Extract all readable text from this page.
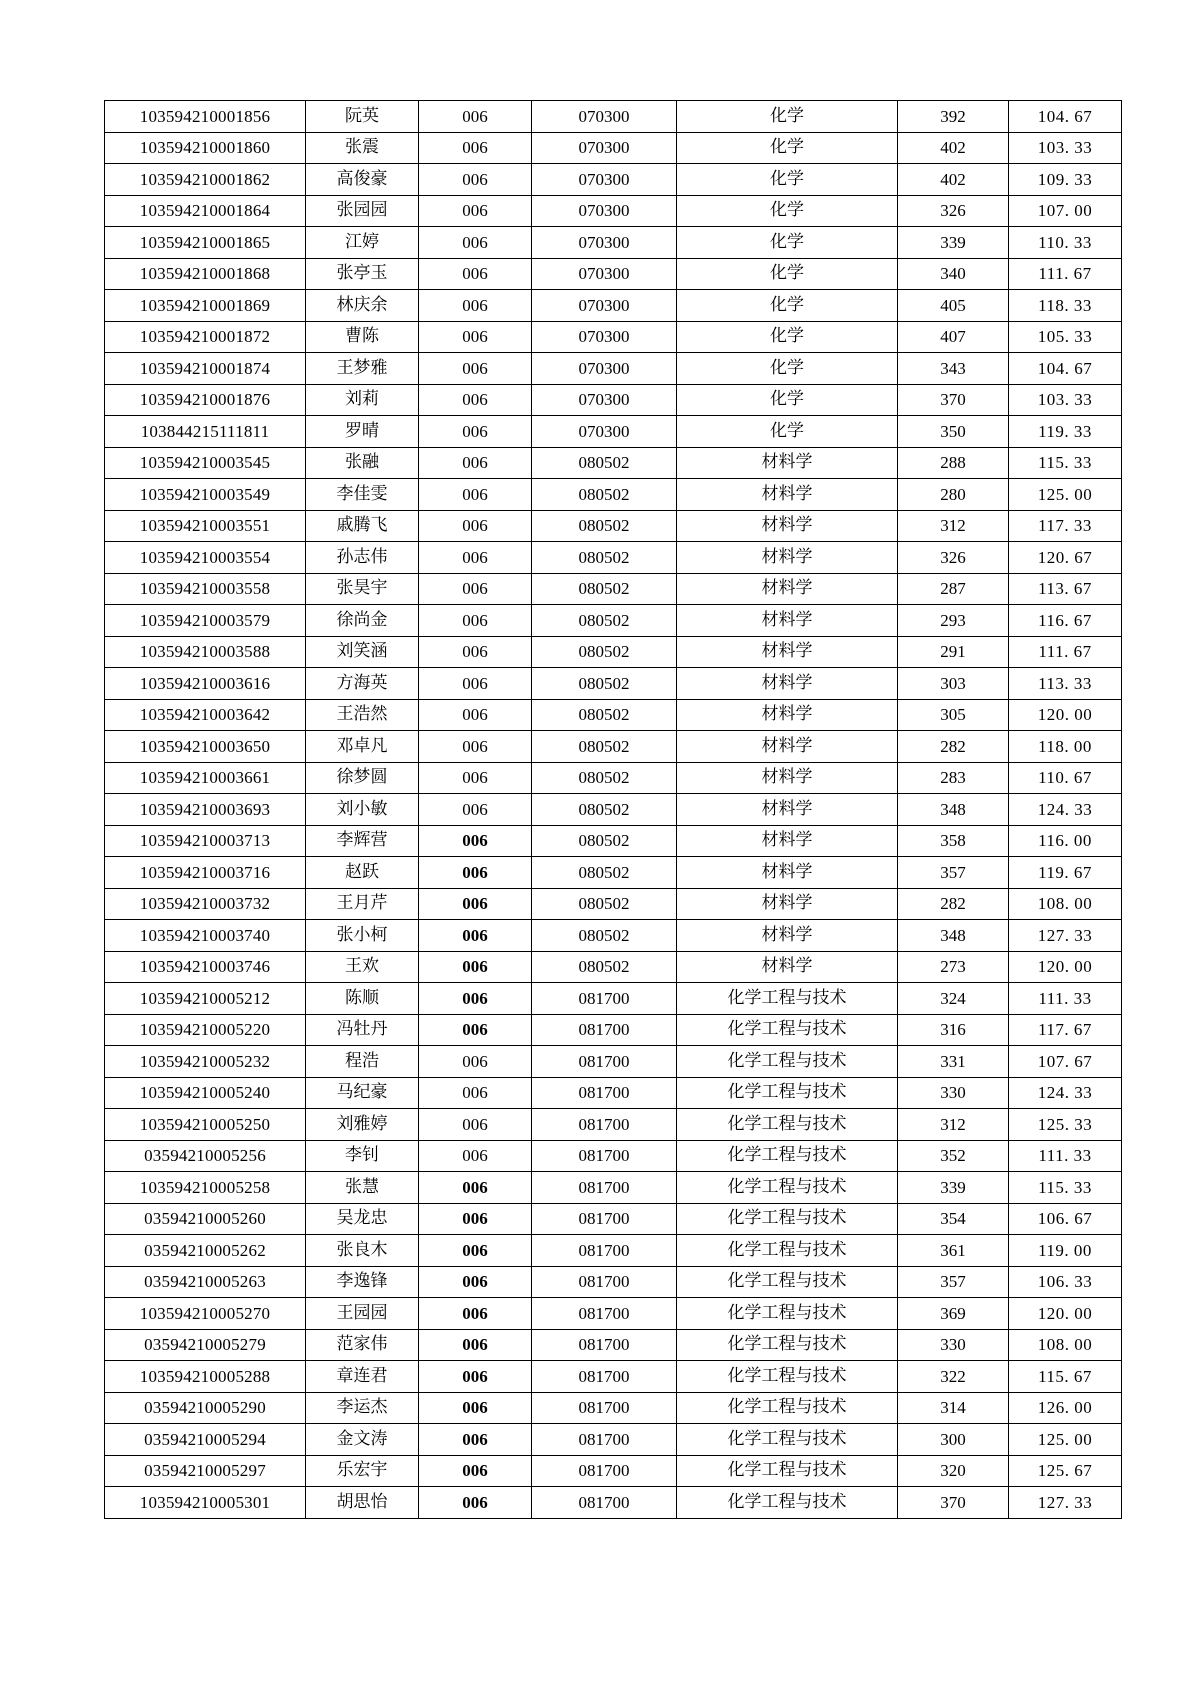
103594210001856	阮英	006	070300	化学	392	104. 67
103594210001860	张震	006	070300	化学	402	103. 33
103594210001862	高俊豪	006	070300	化学	402	109. 33
103594210001864	张园园	006	070300	化学	326	107. 00
103594210001865	江婷	006	070300	化学	339	110. 33
103594210001868	张亭玉	006	070300	化学	340	111. 67
103594210001869	林庆余	006	070300	化学	405	118. 33
103594210001872	曹陈	006	070300	化学	407	105. 33
103594210001874	王梦雅	006	070300	化学	343	104. 67
103594210001876	刘莉	006	070300	化学	370	103. 33
103844215111811	罗晴	006	070300	化学	350	119. 33
103594210003545	张融	006	080502	材料学	288	115. 33
103594210003549	李佳雯	006	080502	材料学	280	125. 00
103594210003551	戚腾飞	006	080502	材料学	312	117. 33
103594210003554	孙志伟	006	080502	材料学	326	120. 67
103594210003558	张昊宇	006	080502	材料学	287	113. 67
103594210003579	徐尚金	006	080502	材料学	293	116. 67
103594210003588	刘笑涵	006	080502	材料学	291	111. 67
103594210003616	方海英	006	080502	材料学	303	113. 33
103594210003642	王浩然	006	080502	材料学	305	120. 00
103594210003650	邓卓凡	006	080502	材料学	282	118. 00
103594210003661	徐梦圆	006	080502	材料学	283	110. 67
103594210003693	刘小敏	006	080502	材料学	348	124. 33
103594210003713	李辉营	006	080502	材料学	358	116. 00
103594210003716	赵跃	006	080502	材料学	357	119. 67
103594210003732	王月芹	006	080502	材料学	282	108. 00
103594210003740	张小柯	006	080502	材料学	348	127. 33
103594210003746	王欢	006	080502	材料学	273	120. 00
103594210005212	陈顺	006	081700	化学工程与技术	324	111. 33
103594210005220	冯牡丹	006	081700	化学工程与技术	316	117. 67
103594210005232	程浩	006	081700	化学工程与技术	331	107. 67
103594210005240	马纪豪	006	081700	化学工程与技术	330	124. 33
103594210005250	刘雅婷	006	081700	化学工程与技术	312	125. 33
03594210005256	李钊	006	081700	化学工程与技术	352	111. 33
103594210005258	张慧	006	081700	化学工程与技术	339	115. 33
03594210005260	吴龙忠	006	081700	化学工程与技术	354	106. 67
03594210005262	张良木	006	081700	化学工程与技术	361	119. 00
03594210005263	李逸锋	006	081700	化学工程与技术	357	106. 33
103594210005270	王园园	006	081700	化学工程与技术	369	120. 00
03594210005279	范家伟	006	081700	化学工程与技术	330	108. 00
103594210005288	章连君	006	081700	化学工程与技术	322	115. 67
03594210005290	李运杰	006	081700	化学工程与技术	314	126. 00
03594210005294	金文涛	006	081700	化学工程与技术	300	125. 00
03594210005297	乐宏宇	006	081700	化学工程与技术	320	125. 67
103594210005301	胡思怡	006	081700	化学工程与技术	370	127. 33
